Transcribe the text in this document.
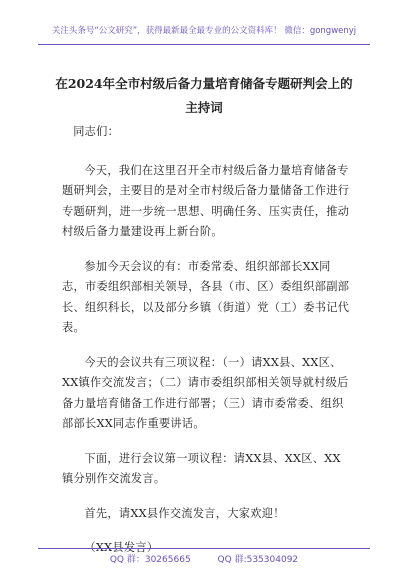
关注头条号“公文研究”，获得最新最全最专业的公文资料库！ 微信：gongwenyj
在2024年全市村级后备力量培育储备专题研判会上的主持词

同志们：

今天，我们在这里召开全市村级后备力量培育储备专题研判会，主要目的是对全市村级后备力量储备工作进行专题研判，进一步统一思想、明确任务、压实责任，推动村级后备力量建设再上新台阶。

参加今天会议的有：市委常委、组织部部长XX同志，市委组织部相关领导，各县（市、区）委组织部副部长、组织科长，以及部分乡镇（街道）党（工）委书记代表。

今天的会议共有三项议程：（一）请XX县、XX区、XX镇作交流发言；（二）请市委组织部相关领导就村级后备力量培育储备工作进行部署；（三）请市委常委、组织部部长XX同志作重要讲话。

下面，进行会议第一项议程：请XX县、XX区、XX镇分别作交流发言。

首先，请XX县作交流发言，大家欢迎！

（XX县发言）

QQ 群：30265665	QQ 群:535304092
